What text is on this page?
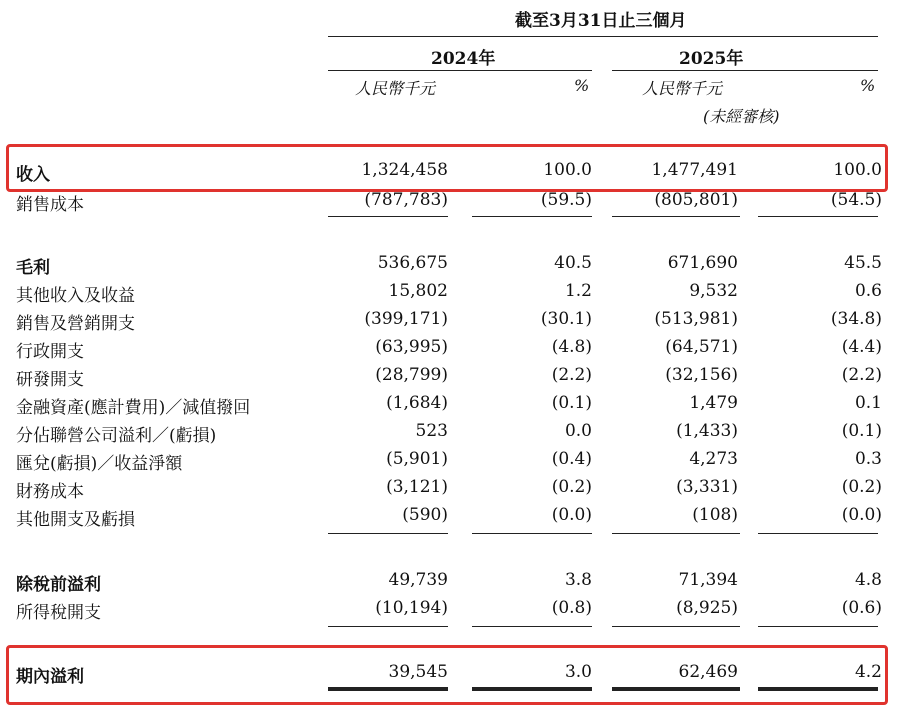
截至3月31日止三個月
2024年	2025年
人民幣千元	%	人民幣千元	%
(未經審核)
收入	1,324,458	100.0	1,477,491	100.0
銷售成本	(787,783)	(59.5)	(805,801)	(54.5)
毛利	536,675	40.5	671,690	45.5
其他收入及收益	15,802	1.2	9,532	0.6
銷售及營銷開支	(399,171)	(30.1)	(513,981)	(34.8)
行政開支	(63,995)	(4.8)	(64,571)	(4.4)
研發開支	(28,799)	(2.2)	(32,156)	(2.2)
金融資產(應計費用)／減值撥回	(1,684)	(0.1)	1,479	0.1
分佔聯營公司溢利／(虧損)	523	0.0	(1,433)	(0.1)
匯兌(虧損)／收益淨額	(5,901)	(0.4)	4,273	0.3
財務成本	(3,121)	(0.2)	(3,331)	(0.2)
其他開支及虧損	(590)	(0.0)	(108)	(0.0)
除稅前溢利	49,739	3.8	71,394	4.8
所得稅開支	(10,194)	(0.8)	(8,925)	(0.6)
期內溢利	39,545	3.0	62,469	4.2
